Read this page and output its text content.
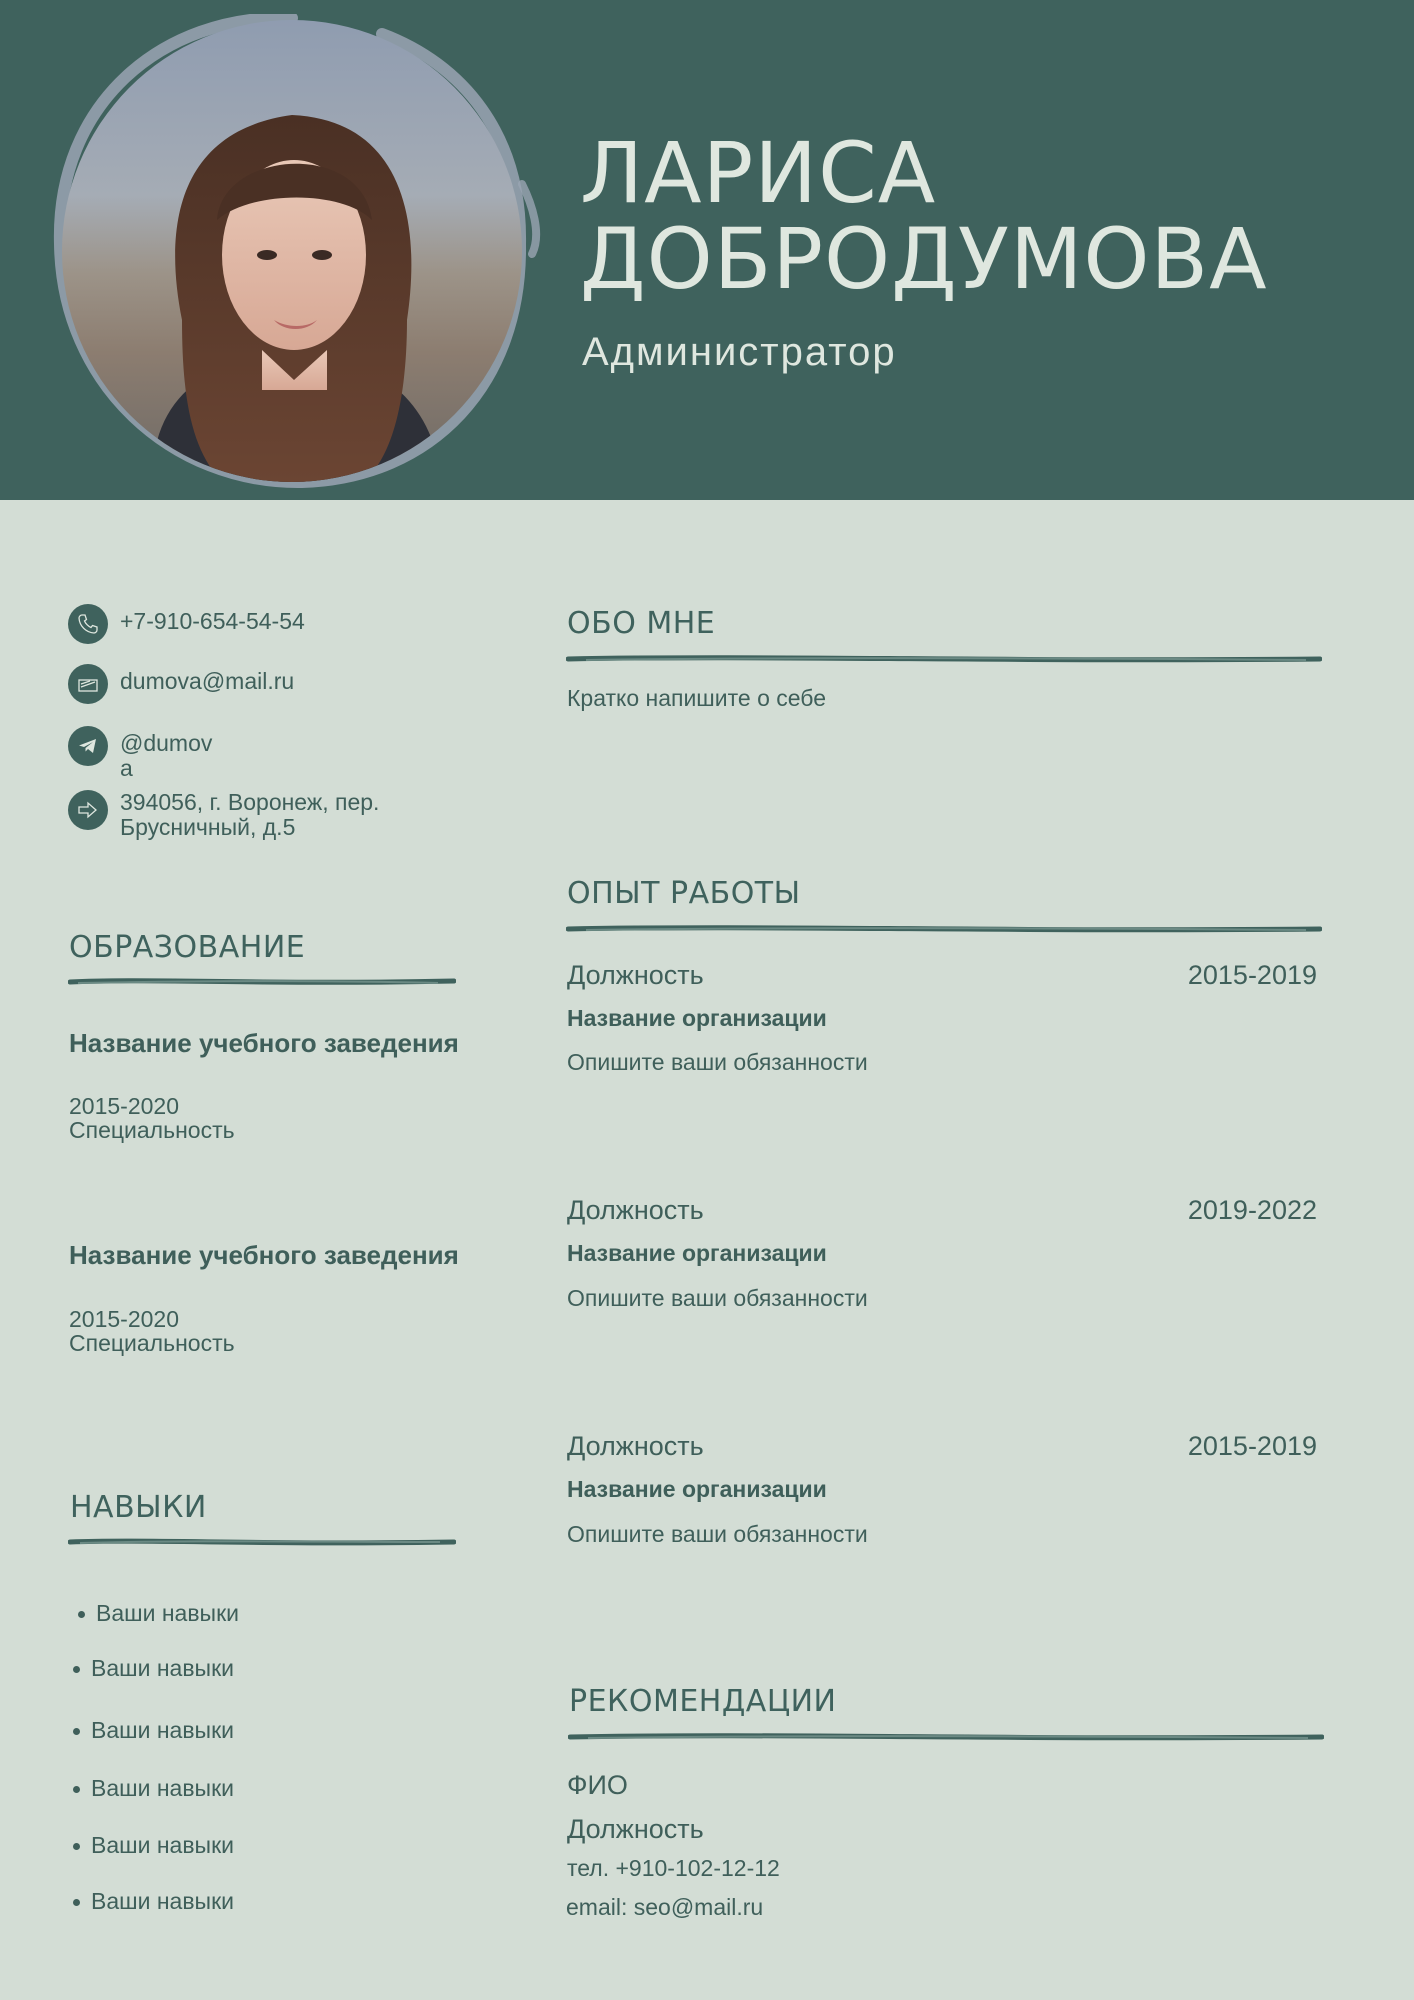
ЛАРИСА
ДОБРОДУМОВА
Администратор
+7-910-654-54-54
dumova@mail.ru
@dumov
a
394056, г. Воронеж, пер.
Брусничный, д.5
ОБРАЗОВАНИЕ
Название учебного заведения
2015-2020
Специальность
Название учебного заведения
2015-2020
Специальность
НАВЫКИ
Ваши навыки
Ваши навыки
Ваши навыки
Ваши навыки
Ваши навыки
Ваши навыки
ОБО МНЕ
Кратко напишите о себе
ОПЫТ РАБОТЫ
Должность	2015-2019
Название организации
Опишите ваши обязанности
Должность	2019-2022
Название организации
Опишите ваши обязанности
Должность	2015-2019
Название организации
Опишите ваши обязанности
РЕКОМЕНДАЦИИ
ФИО
Должность
тел. +910-102-12-12
email: seo@mail.ru
